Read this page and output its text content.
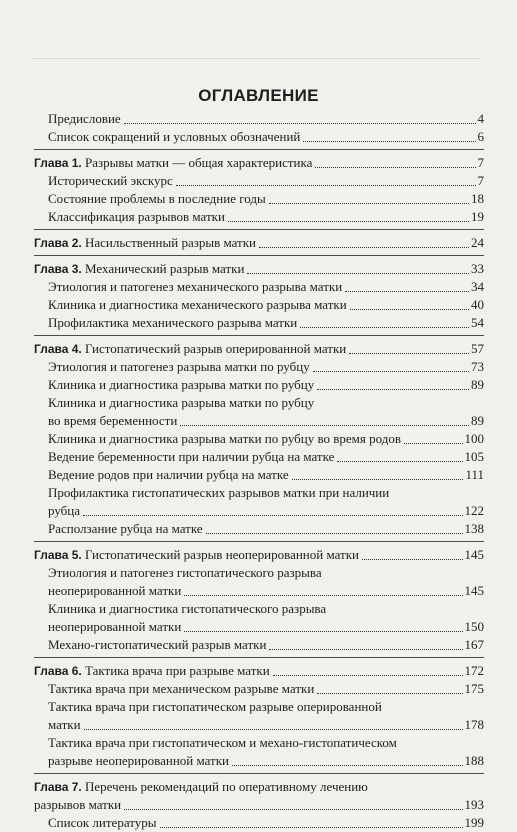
ОГЛАВЛЕНИЕ
Предисловие	4
Список сокращений и условных обозначений	6
Глава 1. Разрывы матки — общая характеристика	7
Исторический экскурс	7
Состояние проблемы в последние годы	18
Классификация разрывов матки	19
Глава 2. Насильственный разрыв матки	24
Глава 3. Механический разрыв матки	33
Этиология и патогенез механического разрыва матки	34
Клиника и диагностика механического разрыва матки	40
Профилактика механического разрыва матки	54
Глава 4. Гистопатический разрыв оперированной матки	57
Этиология и патогенез разрыва матки по рубцу	73
Клиника и диагностика разрыва матки по рубцу	89
Клиника и диагностика разрыва матки по рубцу
во время беременности	89
Клиника и диагностика разрыва матки по рубцу во время родов	100
Ведение беременности при наличии рубца на матке	105
Ведение родов при наличии рубца на матке	111
Профилактика гистопатических разрывов матки при наличии
рубца	122
Расползание рубца на матке	138
Глава 5. Гистопатический разрыв неоперированной матки	145
Этиология и патогенез гистопатического разрыва
неоперированной матки	145
Клиника и диагностика гистопатического разрыва
неоперированной матки	150
Механо-гистопатический разрыв матки	167
Глава 6. Тактика врача при разрыве матки	172
Тактика врача при механическом разрыве матки	175
Тактика врача при гистопатическом разрыве оперированной
матки	178
Тактика врача при гистопатическом и механо-гистопатическом
разрыве неоперированной матки	188
Глава 7. Перечень рекомендаций по оперативному лечению
разрывов матки	193
Список литературы	199
